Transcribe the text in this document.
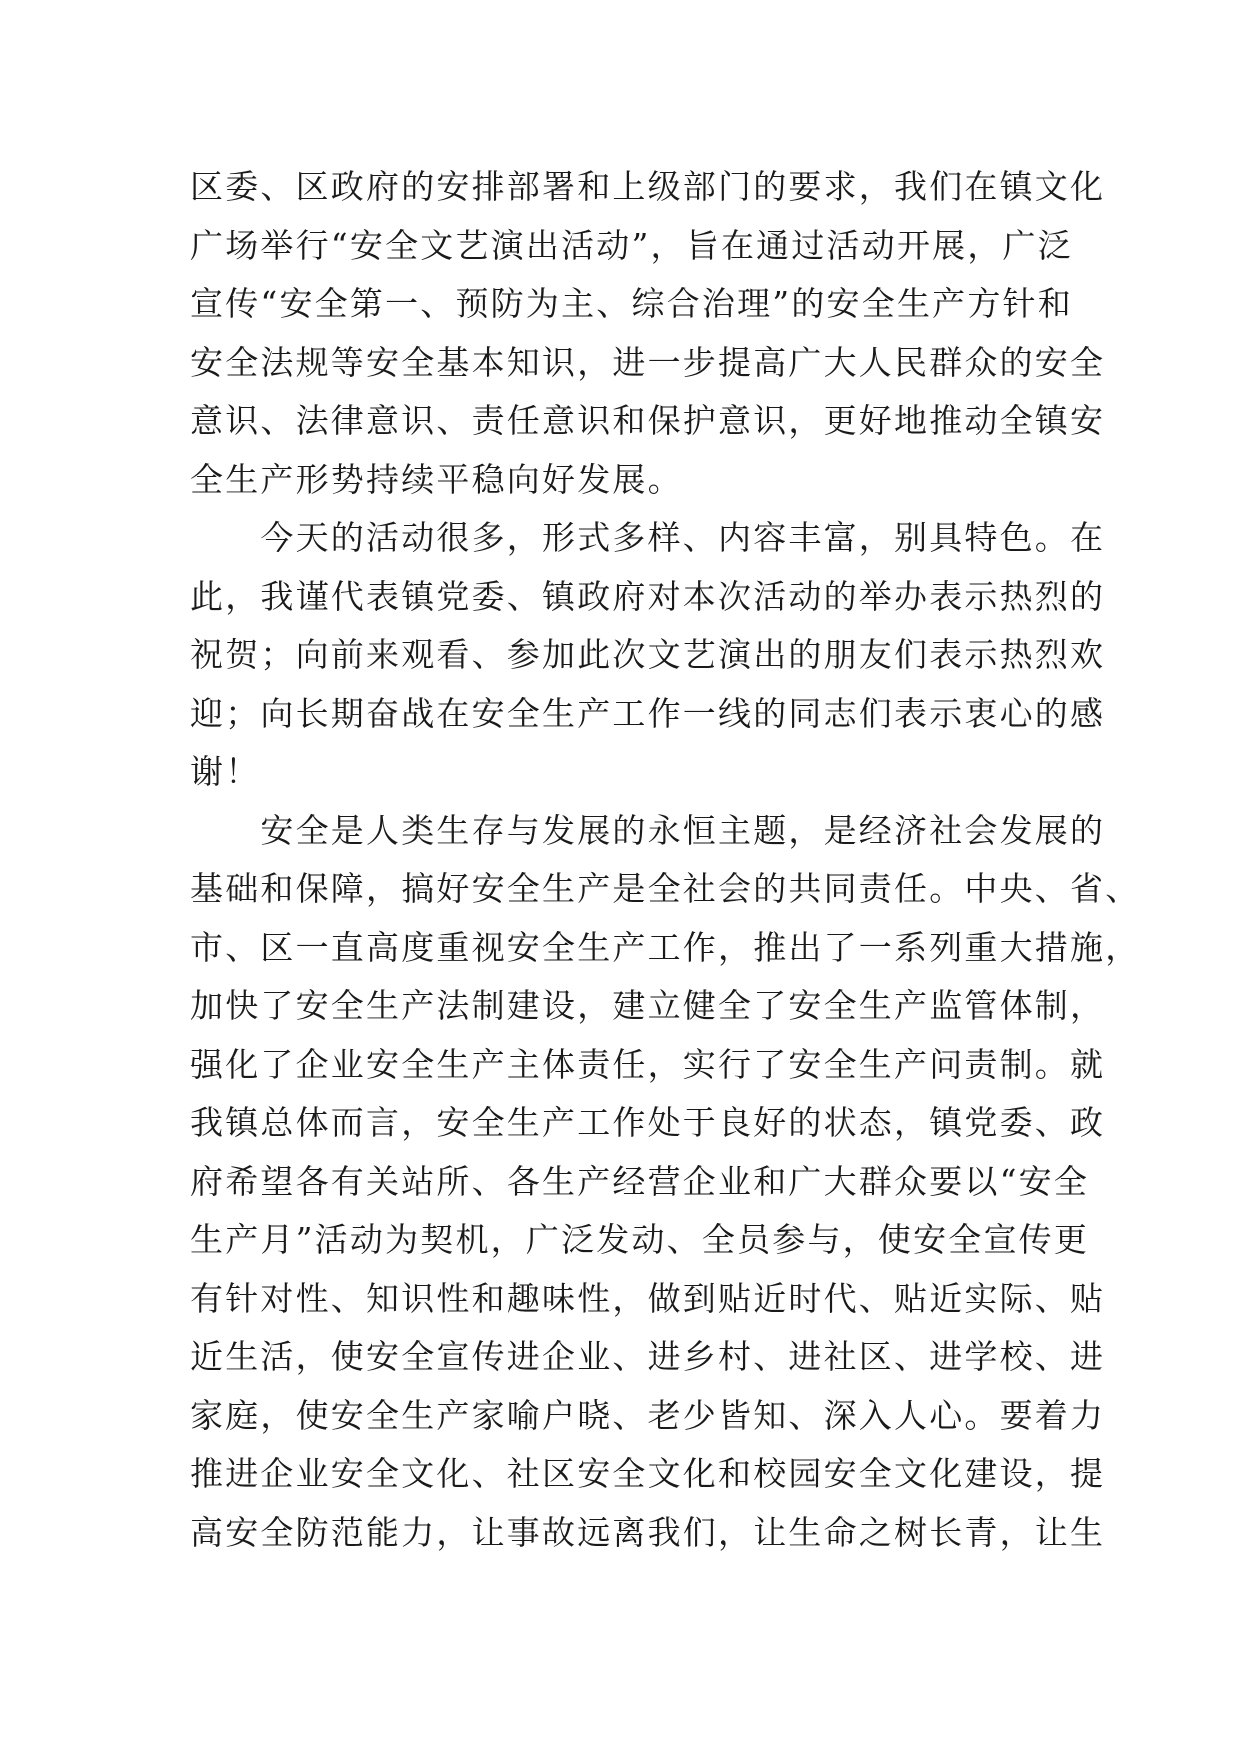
区委、区政府的安排部署和上级部门的要求，我们在镇文化
广场举行“安全文艺演出活动”，旨在通过活动开展，广泛
宣传“安全第一、预防为主、综合治理”的安全生产方针和
安全法规等安全基本知识，进一步提高广大人民群众的安全
意识、法律意识、责任意识和保护意识，更好地推动全镇安
全生产形势持续平稳向好发展。
　　今天的活动很多，形式多样、内容丰富，别具特色。在
此，我谨代表镇党委、镇政府对本次活动的举办表示热烈的
祝贺；向前来观看、参加此次文艺演出的朋友们表示热烈欢
迎；向长期奋战在安全生产工作一线的同志们表示衷心的感
谢！
　　安全是人类生存与发展的永恒主题，是经济社会发展的
基础和保障，搞好安全生产是全社会的共同责任。中央、省、
市、区一直高度重视安全生产工作，推出了一系列重大措施，
加快了安全生产法制建设，建立健全了安全生产监管体制，
强化了企业安全生产主体责任，实行了安全生产问责制。就
我镇总体而言，安全生产工作处于良好的状态，镇党委、政
府希望各有关站所、各生产经营企业和广大群众要以“安全
生产月”活动为契机，广泛发动、全员参与，使安全宣传更
有针对性、知识性和趣味性，做到贴近时代、贴近实际、贴
近生活，使安全宣传进企业、进乡村、进社区、进学校、进
家庭，使安全生产家喻户晓、老少皆知、深入人心。要着力
推进企业安全文化、社区安全文化和校园安全文化建设，提
高安全防范能力，让事故远离我们，让生命之树长青，让生
